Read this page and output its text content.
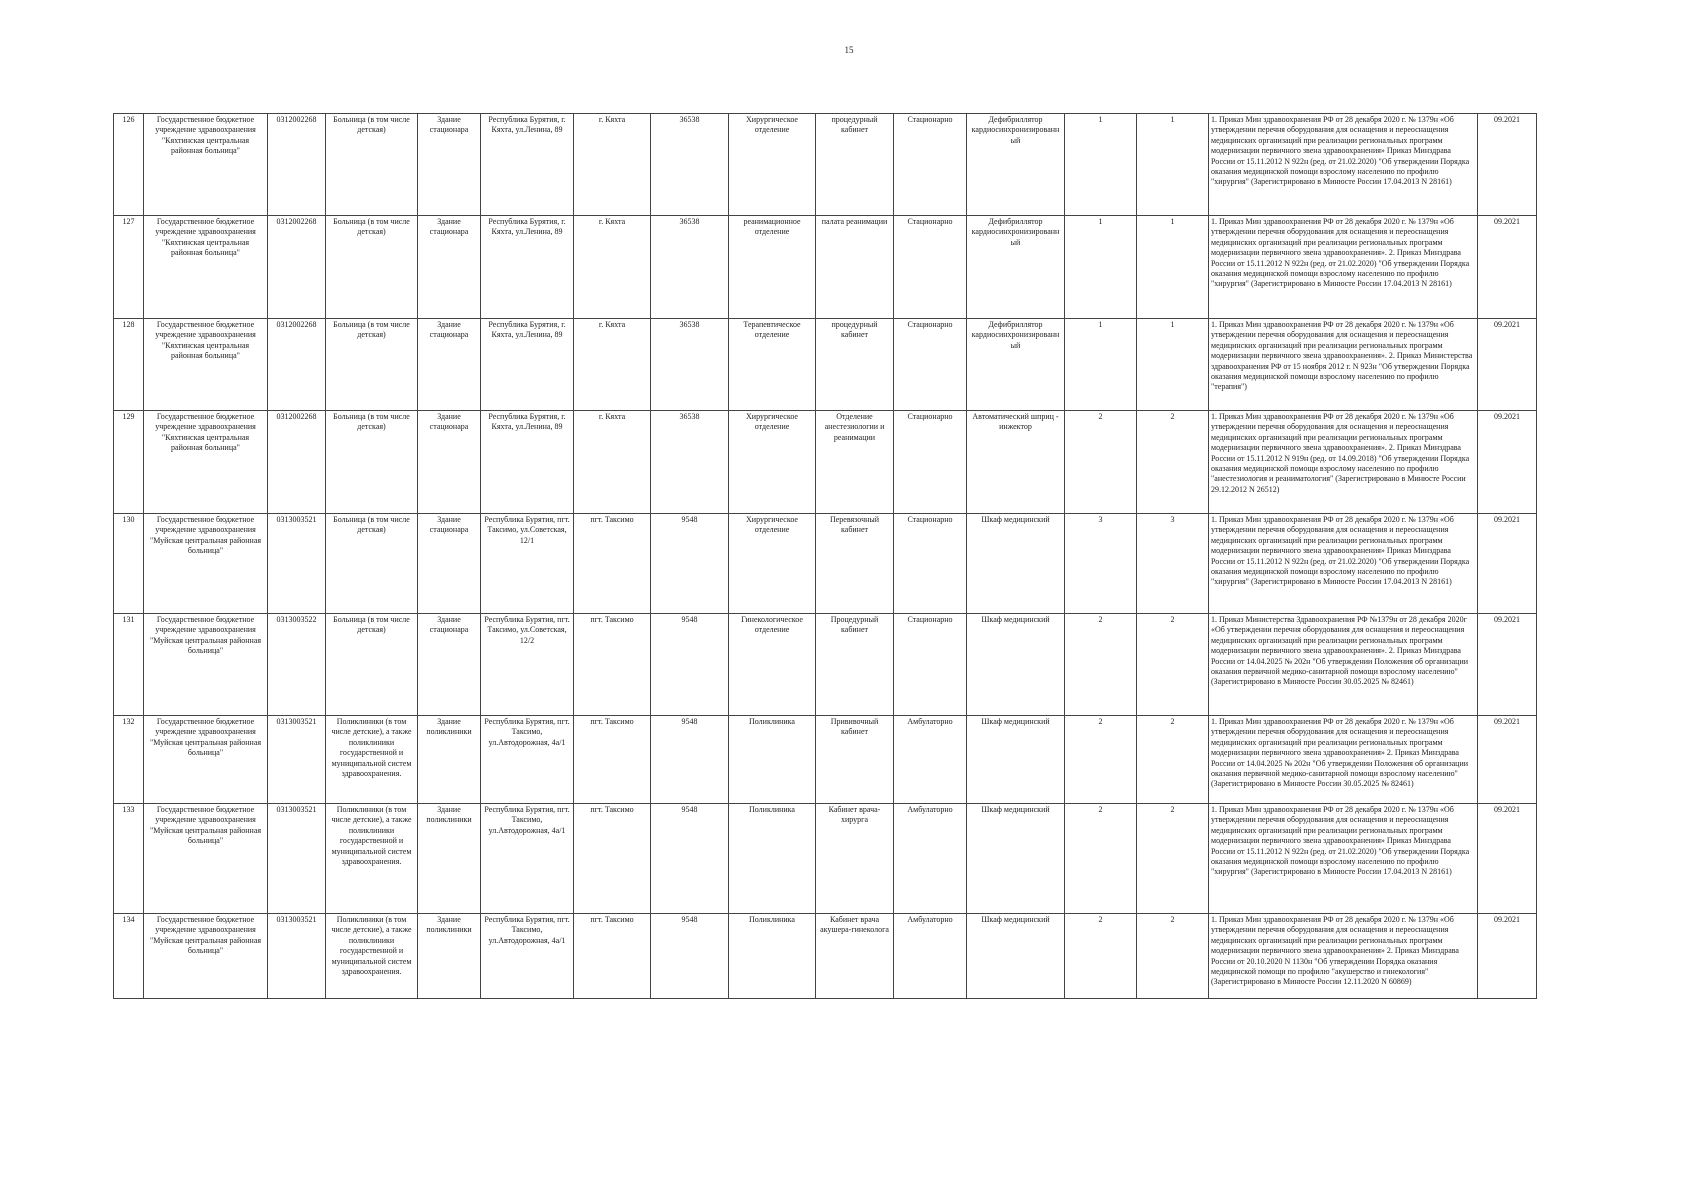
15
126	Государственное бюджетное учреждение здравоохранения "Кяхтинская центральная районная больница"	0312002268	Больница (в том числе детская)	Здание стационара	Республика Бурятия, г. Кяхта, ул.Ленина, 89	г. Кяхта	36538	Хирургическое отделение	процедурный кабинет	Стационарно	Дефибриллятор кардиосинхронизированный	1	1	1. Приказ Мин здравоохранения РФ от 28 декабря 2020 г. № 1379н «Об утверждении перечня оборудования для оснащения и переоснащения медицинских организаций при реализации региональных программ модернизации первичного звена здравоохранения» Приказ Минздрава России от 15.11.2012 N 922н (ред. от 21.02.2020) "Об утверждении Порядка оказания медицинской помощи взрослому населению по профилю "хирургия" (Зарегистрировано в Минюсте России 17.04.2013 N 28161)	09.2021
127	Государственное бюджетное учреждение здравоохранения "Кяхтинская центральная районная больница"	0312002268	Больница (в том числе детская)	Здание стационара	Республика Бурятия, г. Кяхта, ул.Ленина, 89	г. Кяхта	36538	реанимационное отделение	палата реанимации	Стационарно	Дефибриллятор кардиосинхронизированный	1	1	1. Приказ Мин здравоохранения РФ от 28 декабря 2020 г. № 1379н «Об утверждении перечня оборудования для оснащения и переоснащения медицинских организаций при реализации региональных программ модернизации первичного звена здравоохранения». 2. Приказ Минздрава России от 15.11.2012 N 922н (ред. от 21.02.2020) "Об утверждении Порядка оказания медицинской помощи взрослому населению по профилю "хирургия" (Зарегистрировано в Минюсте России 17.04.2013 N 28161)	09.2021
128	Государственное бюджетное учреждение здравоохранения "Кяхтинская центральная районная больница"	0312002268	Больница (в том числе детская)	Здание стационара	Республика Бурятия, г. Кяхта, ул.Ленина, 89	г. Кяхта	36538	Терапевтическое отделение	процедурный кабинет	Стационарно	Дефибриллятор кардиосинхронизированный	1	1	1. Приказ Мин здравоохранения РФ от 28 декабря 2020 г. № 1379н «Об утверждении перечня оборудования для оснащения и переоснащения медицинских организаций при реализации региональных программ модернизации первичного звена здравоохранения». 2. Приказ Министерства здравоохранения РФ от 15 ноября 2012 г. N 923н "Об утверждении Порядка оказания медицинской помощи взрослому населению по профилю "терапия")	09.2021
129	Государственное бюджетное учреждение здравоохранения "Кяхтинская центральная районная больница"	0312002268	Больница (в том числе детская)	Здание стационара	Республика Бурятия, г. Кяхта, ул.Ленина, 89	г. Кяхта	36538	Хирургическое отделение	Отделение анестезиологии и реанимации	Стационарно	Автоматический шприц - инжектор	2	2	1. Приказ Мин здравоохранения РФ от 28 декабря 2020 г. № 1379н «Об утверждении перечня оборудования для оснащения и переоснащения медицинских организаций при реализации региональных программ модернизации первичного звена здравоохранения». 2. Приказ Минздрава России от 15.11.2012 N 919н (ред. от 14.09.2018) "Об утверждении Порядка оказания медицинской помощи взрослому населению по профилю "анестезиология и реаниматология" (Зарегистрировано в Минюсте России 29.12.2012 N 26512)	09.2021
130	Государственное бюджетное учреждение здравоохранения "Муйская центральная районная больница"	0313003521	Больница (в том числе детская)	Здание стационара	Республика Бурятия, пгт. Таксимо, ул.Советская, 12/1	пгт. Таксимо	9548	Хирургическое отделение	Перевязочный кабинет	Стационарно	Шкаф медицинский	3	3	1. Приказ Мин здравоохранения РФ от 28 декабря 2020 г. № 1379н «Об утверждении перечня оборудования для оснащения и переоснащения медицинских организаций при реализации региональных программ модернизации первичного звена здравоохранения» Приказ Минздрава России от 15.11.2012 N 922н (ред. от 21.02.2020) "Об утверждении Порядка оказания медицинской помощи взрослому населению по профилю "хирургия" (Зарегистрировано в Минюсте России 17.04.2013 N 28161)	09.2021
131	Государственное бюджетное учреждение здравоохранения "Муйская центральная районная больница"	0313003522	Больница (в том числе детская)	Здание стационара	Республика Бурятия, пгт. Таксимо, ул.Советская, 12/2	пгт. Таксимо	9548	Гинекологическое отделение	Процедурный кабинет	Стационарно	Шкаф медицинский	2	2	1. Приказ Министерства Здравоохранения РФ №1379н от 28 декабря 2020г «Об утверждении перечня оборудования для оснащения и переоснащения медицинских организаций при реализации региональных программ модернизации первичного звена здравоохранения». 2. Приказ Минздрава России от 14.04.2025 № 202н "Об утверждении Положения об организации оказания первичной медико-санитарной помощи взрослому населению" (Зарегистрировано в Минюсте России 30.05.2025 № 82461)	09.2021
132	Государственное бюджетное учреждение здравоохранения "Муйская центральная районная больница"	0313003521	Поликлиники (в том числе детские), а также поликлиники государственной и муниципальной систем здравоохранения.	Здание поликлиники	Республика Бурятия, пгт. Таксимо, ул.Автодорожная, 4а/1	пгт. Таксимо	9548	Поликлиника	Прививочный кабинет	Амбулаторно	Шкаф медицинский	2	2	1. Приказ Мин здравоохранения РФ от 28 декабря 2020 г. № 1379н «Об утверждении перечня оборудования для оснащения и переоснащения медицинских организаций при реализации региональных программ модернизации первичного звена здравоохранения» 2. Приказ Минздрава России от 14.04.2025 № 202н "Об утверждении Положения об организации оказания первичной медико-санитарной помощи взрослому населению" (Зарегистрировано в Минюсте России 30.05.2025 № 82461)	09.2021
133	Государственное бюджетное учреждение здравоохранения "Муйская центральная районная больница"	0313003521	Поликлиники (в том числе детские), а также поликлиники государственной и муниципальной систем здравоохранения.	Здание поликлиники	Республика Бурятия, пгт. Таксимо, ул.Автодорожная, 4а/1	пгт. Таксимо	9548	Поликлиника	Кабинет врача-хирурга	Амбулаторно	Шкаф медицинский	2	2	1. Приказ Мин здравоохранения РФ от 28 декабря 2020 г. № 1379н «Об утверждении перечня оборудования для оснащения и переоснащения медицинских организаций при реализации региональных программ модернизации первичного звена здравоохранения» Приказ Минздрава России от 15.11.2012 N 922н (ред. от 21.02.2020) "Об утверждении Порядка оказания медицинской помощи взрослому населению по профилю "хирургия" (Зарегистрировано в Минюсте России 17.04.2013 N 28161)	09.2021
134	Государственное бюджетное учреждение здравоохранения "Муйская центральная районная больница"	0313003521	Поликлиники (в том числе детские), а также поликлиники государственной и муниципальной систем здравоохранения.	Здание поликлиники	Республика Бурятия, пгт. Таксимо, ул.Автодорожная, 4а/1	пгт. Таксимо	9548	Поликлиника	Кабинет врача акушера-гинеколога	Амбулаторно	Шкаф медицинский	2	2	1. Приказ Мин здравоохранения РФ от 28 декабря 2020 г. № 1379н «Об утверждении перечня оборудования для оснащения и переоснащения медицинских организаций при реализации региональных программ модернизации первичного звена здравоохранения» 2. Приказ Минздрава России от 20.10.2020 N 1130н "Об утверждении Порядка оказания медицинской помощи по профилю "акушерство и гинекология" (Зарегистрировано в Минюсте России 12.11.2020 N 60869)	09.2021
